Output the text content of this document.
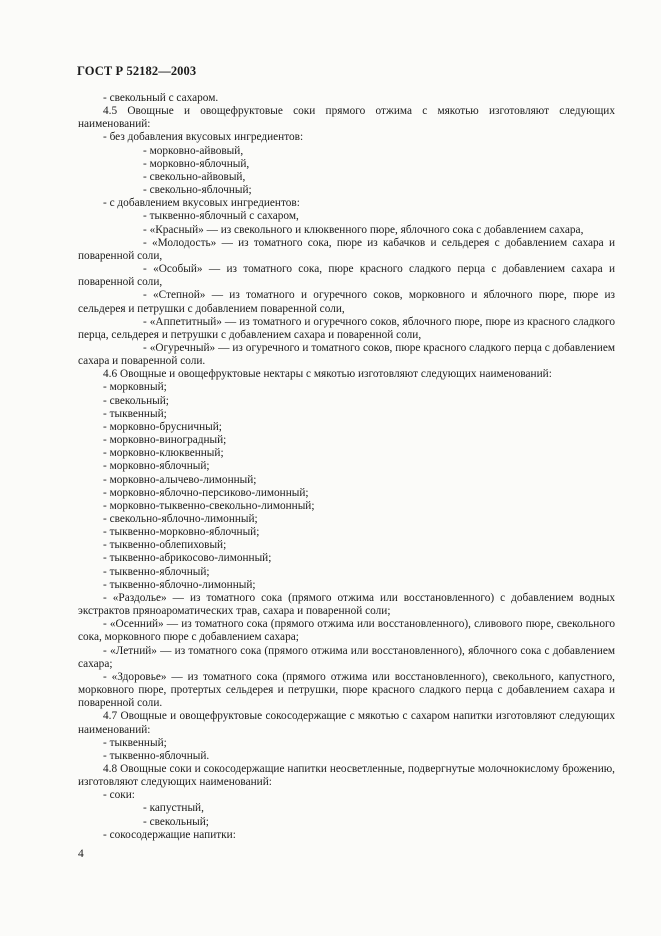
ГОСТ Р 52182—2003

- свекольный с сахаром.

4.5 Овощные и овощефруктовые соки прямого отжима с мякотью изготовляют следующих наименований:

- без добавления вкусовых ингредиентов:

- морковно-айвовый,

- морковно-яблочный,

- свекольно-айвовый,

- свекольно-яблочный;

- с добавлением вкусовых ингредиентов:

- тыквенно-яблочный с сахаром,

- «Красный» — из свекольного и клюквенного пюре, яблочного сока с добавлением сахара,

- «Молодость» — из томатного сока, пюре из кабачков и сельдерея с добавлением сахара и поваренной соли,

- «Особый» — из томатного сока, пюре красного сладкого перца с добавлением сахара и поваренной соли,

- «Степной» — из томатного и огуречного соков, морковного и яблочного пюре, пюре из сельдерея и петрушки с добавлением поваренной соли,

- «Аппетитный» — из томатного и огуречного соков, яблочного пюре, пюре из красного сладкого перца, сельдерея и петрушки с добавлением сахара и поваренной соли,

- «Огуречный» — из огуречного и томатного соков, пюре красного сладкого перца с добавлением сахара и поваренной соли.

4.6 Овощные и овощефруктовые нектары с мякотью изготовляют следующих наименований:

- морковный;

- свекольный;

- тыквенный;

- морковно-брусничный;

- морковно-виноградный;

- морковно-клюквенный;

- морковно-яблочный;

- морковно-алычево-лимонный;

- морковно-яблочно-персиково-лимонный;

- морковно-тыквенно-свекольно-лимонный;

- свекольно-яблочно-лимонный;

- тыквенно-морковно-яблочный;

- тыквенно-облепиховый;

- тыквенно-абрикосово-лимонный;

- тыквенно-яблочный;

- тыквенно-яблочно-лимонный;

- «Раздолье» — из томатного сока (прямого отжима или восстановленного) с добавлением водных экстрактов пряноароматических трав, сахара и поваренной соли;

- «Осенний» — из томатного сока (прямого отжима или восстановленного), сливового пюре, свекольного сока, морковного пюре с добавлением сахара;

- «Летний» — из томатного сока (прямого отжима или восстановленного), яблочного сока с добавлением сахара;

- «Здоровье» — из томатного сока (прямого отжима или восстановленного), свекольного, капустного, морковного пюре, протертых сельдерея и петрушки, пюре красного сладкого перца с добавлением сахара и поваренной соли.

4.7 Овощные и овощефруктовые сокосодержащие с мякотью с сахаром напитки изготовляют следующих наименований:

- тыквенный;

- тыквенно-яблочный.

4.8 Овощные соки и сокосодержащие напитки неосветленные, подвергнутые молочнокислому брожению, изготовляют следующих наименований:

- соки:

- капустный,

- свекольный;

- сокосодержащие напитки:

4
